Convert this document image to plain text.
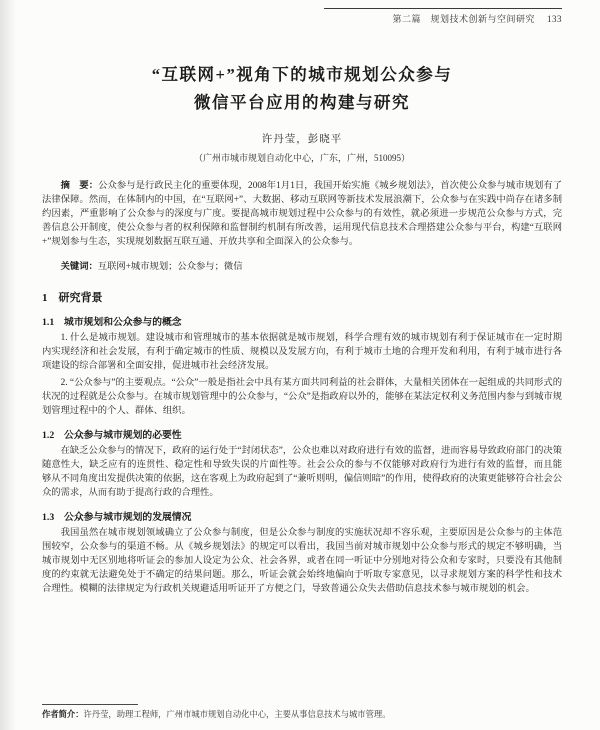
第二篇　规划技术创新与空间研究 133
“互联网+”视角下的城市规划公众参与
微信平台应用的构建与研究
许丹莹，彭晓平
（广州市城市规划自动化中心，广东，广州，510095）

摘　要：公众参与是行政民主化的重要体现，2008年1月1日，我国开始实施《城乡规划法》，首次使公众参与城市规划有了法律保障。然而，在体制内的中国，在“互联网+”、大数据、移动互联网等新技术发展浪潮下，公众参与在实践中尚存在诸多制约因素，严重影响了公众参与的深度与广度。要提高城市规划过程中公众参与的有效性，就必须进一步规范公众参与方式，完善信息公开制度，使公众参与者的权利保障和监督制约机制有所改善，运用现代信息技术合理搭建公众参与平台，构建“互联网+”规划参与生态，实现规划数据互联互通、开放共享和全面深入的公众参与。

关键词：互联网+城市规划；公众参与；微信

1　研究背景
1.1　城市规划和公众参与的概念

1. 什么是城市规划。建设城市和管理城市的基本依据就是城市规划，科学合理有效的城市规划有利于保证城市在一定时期内实现经济和社会发展，有利于确定城市的性质、规模以及发展方向，有利于城市土地的合理开发和利用，有利于城市进行各项建设的综合部署和全面安排，促进城市社会经济发展。

2. “公众参与”的主要观点。“公众”一般是指社会中具有某方面共同利益的社会群体，大量相关团体在一起组成的共同形式的状况的过程就是公众参与。在城市规划管理中的公众参与，“公众”是指政府以外的，能够在某法定权利义务范围内参与到城市规划管理过程中的个人、群体、组织。

1.2　公众参与城市规划的必要性

在缺乏公众参与的情况下，政府的运行处于“封闭状态”，公众也难以对政府进行有效的监督，进而容易导致政府部门的决策随意性大，缺乏应有的连贯性、稳定性和导致失误的片面性等。社会公众的参与不仅能够对政府行为进行有效的监督，而且能够从不同角度出发提供决策的依据，这在客观上为政府起到了“兼听则明，偏信则暗”的作用，使得政府的决策更能够符合社会公众的需求，从而有助于提高行政的合理性。

1.3　公众参与城市规划的发展情况

我国虽然在城市规划领域确立了公众参与制度，但是公众参与制度的实施状况却不容乐观，主要原因是公众参与的主体范围较窄，公众参与的渠道不畅。从《城乡规划法》的规定可以看出，我国当前对城市规划中公众参与形式的规定不够明确，当城市规划中无区别地将听证会的参加人设定为公众、社会各界，或者在同一听证中分别地对待公众和专家时，只要没有其他制度的约束就无法避免处于不确定的结果问题。那么，听证会就会始终地偏向于听取专家意见，以寻求规划方案的科学性和技术合理性。模糊的法律规定为行政机关规避适用听证开了方便之门，导致普通公众失去借助信息技术参与城市规划的机会。

作者简介：许丹莹，助理工程师，广州市城市规划自动化中心，主要从事信息技术与城市管理。
